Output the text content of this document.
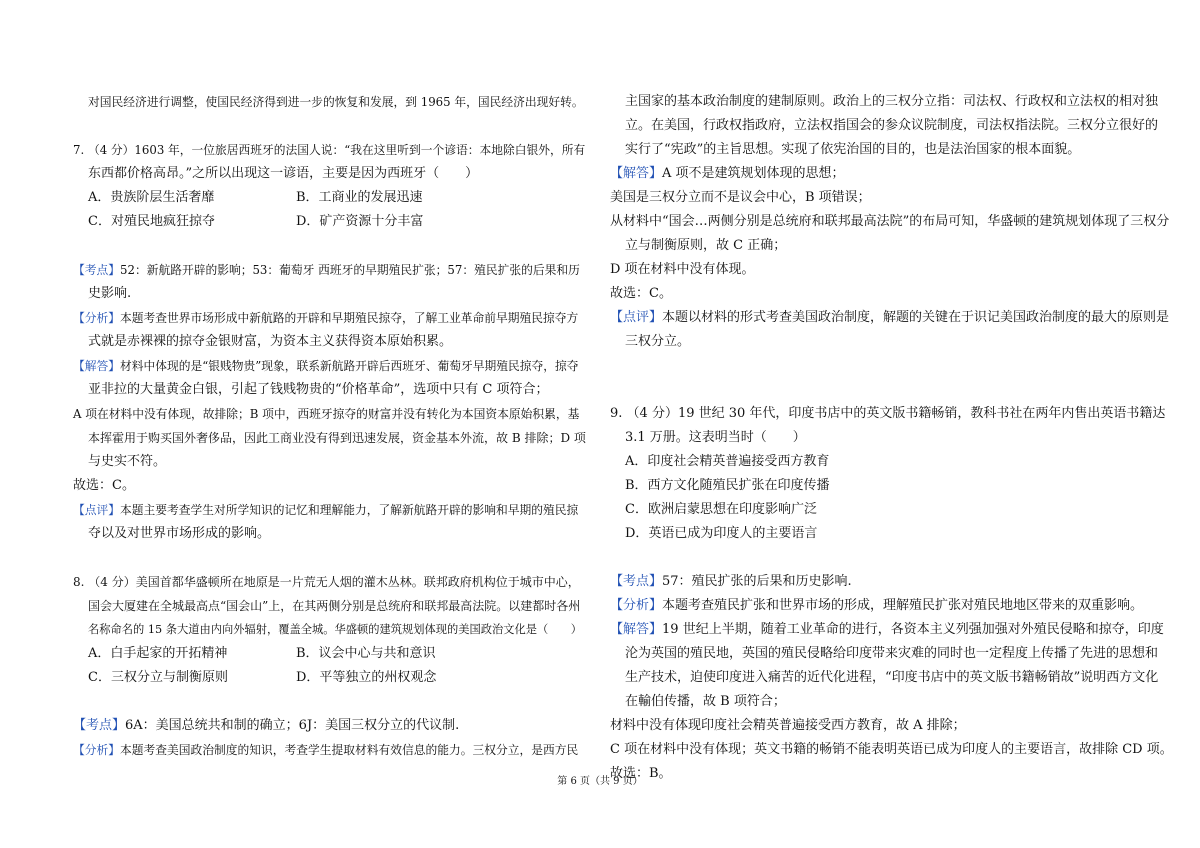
对国民经济进行调整，使国民经济得到进一步的恢复和发展，到 1965 年，国民经济出现好转。
7. （4 分）1603 年，一位旅居西班牙的法国人说：“我在这里听到一个谚语：本地除白银外，所有
东西都价格高昂。”之所以出现这一谚语，主要是因为西班牙（　　）
A．贵族阶层生活奢靡	B．工商业的发展迅速
C．对殖民地疯狂掠夺	D．矿产资源十分丰富
【考点】52：新航路开辟的影响；53：葡萄牙 西班牙的早期殖民扩张；57：殖民扩张的后果和历
史影响.
【分析】本题考查世界市场形成中新航路的开辟和早期殖民掠夺，了解工业革命前早期殖民掠夺方
式就是赤裸裸的掠夺金银财富，为资本主义获得资本原始积累。
【解答】材料中体现的是“银贱物贵”现象，联系新航路开辟后西班牙、葡萄牙早期殖民掠夺，掠夺
亚非拉的大量黄金白银，引起了钱贱物贵的“价格革命”，选项中只有 C 项符合；
A 项在材料中没有体现，故排除；B 项中，西班牙掠夺的财富并没有转化为本国资本原始积累，基
本挥霍用于购买国外奢侈品，因此工商业没有得到迅速发展，资金基本外流，故 B 排除；D 项
与史实不符。
故选：C。
【点评】本题主要考查学生对所学知识的记忆和理解能力，了解新航路开辟的影响和早期的殖民掠
夺以及对世界市场形成的影响。
8. （4 分）美国首都华盛顿所在地原是一片荒无人烟的灌木丛林。联邦政府机构位于城市中心，
国会大厦建在全城最高点“国会山”上，在其两侧分别是总统府和联邦最高法院。以建都时各州
名称命名的 15 条大道由内向外辐射，覆盖全城。华盛顿的建筑规划体现的美国政治文化是（　　）
A．白手起家的开拓精神	B．议会中心与共和意识
C．三权分立与制衡原则	D．平等独立的州权观念
【考点】6A：美国总统共和制的确立；6J：美国三权分立的代议制.
【分析】本题考查美国政治制度的知识，考查学生提取材料有效信息的能力。三权分立，是西方民
主国家的基本政治制度的建制原则。政治上的三权分立指：司法权、行政权和立法权的相对独
立。在美国，行政权指政府，立法权指国会的参众议院制度，司法权指法院。三权分立很好的
实行了“宪政”的主旨思想。实现了依宪治国的目的，也是法治国家的根本面貌。
【解答】A 项不是建筑规划体现的思想；
美国是三权分立而不是议会中心，B 项错误；
从材料中“国会…两侧分别是总统府和联邦最高法院”的布局可知，华盛顿的建筑规划体现了三权分
立与制衡原则，故 C 正确；
D 项在材料中没有体现。
故选：C。
【点评】本题以材料的形式考查美国政治制度，解题的关键在于识记美国政治制度的最大的原则是
三权分立。
9. （4 分）19 世纪 30 年代，印度书店中的英文版书籍畅销，教科书社在两年内售出英语书籍达
3.1 万册。这表明当时（　　）
A．印度社会精英普遍接受西方教育
B．西方文化随殖民扩张在印度传播
C．欧洲启蒙思想在印度影响广泛
D．英语已成为印度人的主要语言
【考点】57：殖民扩张的后果和历史影响.
【分析】本题考查殖民扩张和世界市场的形成，理解殖民扩张对殖民地地区带来的双重影响。
【解答】19 世纪上半期，随着工业革命的进行，各资本主义列强加强对外殖民侵略和掠夺，印度
沦为英国的殖民地，英国的殖民侵略给印度带来灾难的同时也一定程度上传播了先进的思想和
生产技术，迫使印度进入痛苦的近代化进程，“印度书店中的英文版书籍畅销故”说明西方文化
在輸伯传播，故 B 项符合；
材料中没有体现印度社会精英普遍接受西方教育，故 A 排除；
C 项在材料中没有体现；英文书籍的畅销不能表明英语已成为印度人的主要语言，故排除 CD 项。
故选：B。
第 6 页（共 9 页）
